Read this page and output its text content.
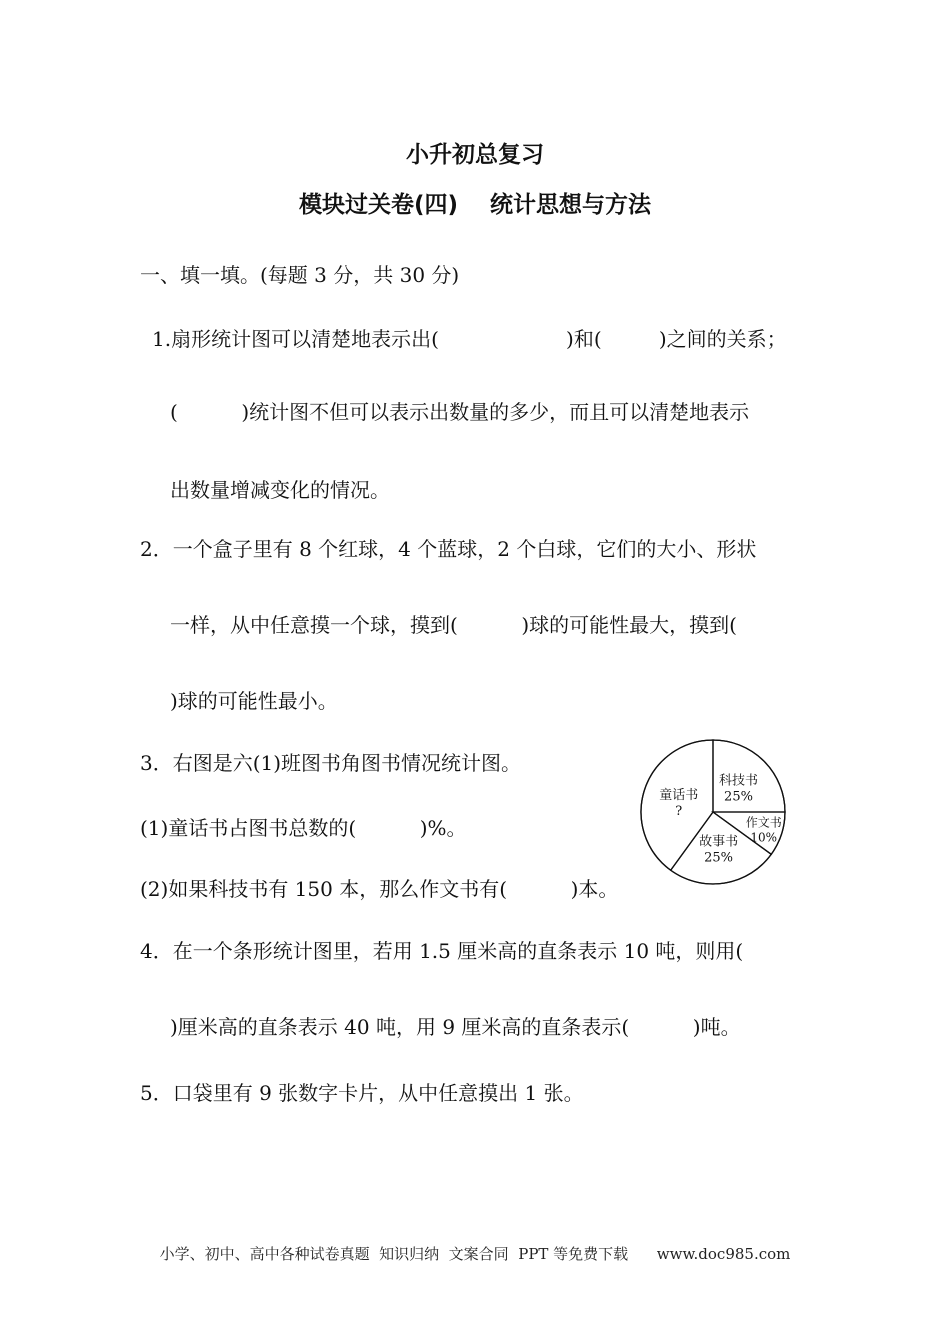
小升初总复习
模块过关卷(四)    统计思想与方法
一、填一填。(每题 3 分，共 30 分)
1.扇形统计图可以清楚地表示出(                    )和(         )之间的关系；
(          )统计图不但可以表示出数量的多少，而且可以清楚地表示
出数量增减变化的情况。
2．一个盒子里有 8 个红球，4 个蓝球，2 个白球，它们的大小、形状
一样，从中任意摸一个球，摸到(          )球的可能性最大，摸到(
)球的可能性最小。
3．右图是六(1)班图书角图书情况统计图。
(1)童话书占图书总数的(          )%。
(2)如果科技书有 150 本，那么作文书有(          )本。
科技书
25%
作文书
10%
故事书
25%
童话书
?
4．在一个条形统计图里，若用 1.5 厘米高的直条表示 10 吨，则用(
)厘米高的直条表示 40 吨，用 9 厘米高的直条表示(          )吨。
5．口袋里有 9 张数字卡片，从中任意摸出 1 张。
小学、初中、高中各种试卷真题  知识归纳  文案合同  PPT 等免费下载      www.doc985.com
